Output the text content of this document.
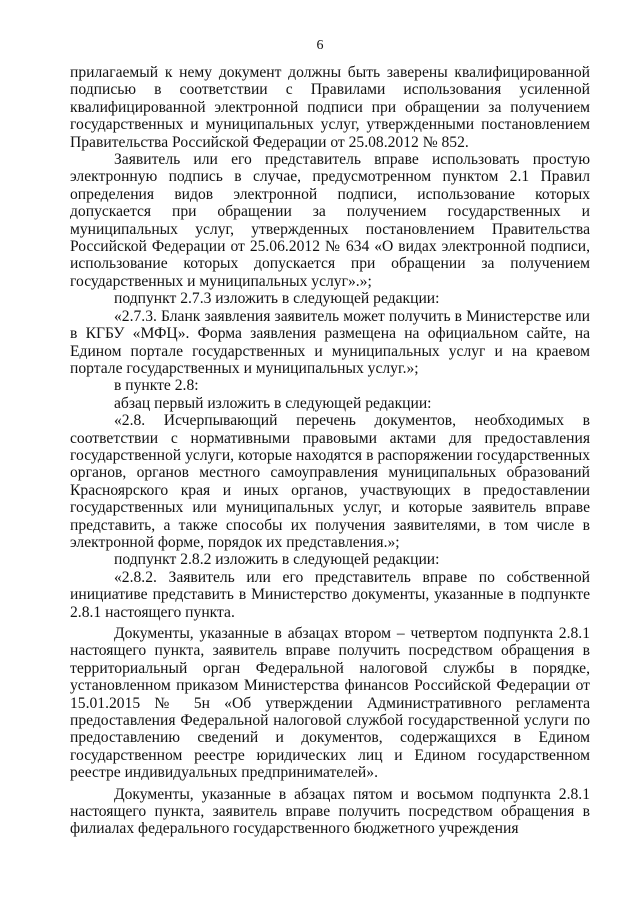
6

прилагаемый к нему документ должны быть заверены квалифицированной подписью в соответствии с Правилами использования усиленной квалифицированной электронной подписи при обращении за получением государственных и муниципальных услуг, утвержденными постановлением Правительства Российской Федерации от 25.08.2012 № 852.

Заявитель или его представитель вправе использовать простую электронную подпись в случае, предусмотренном пунктом 2.1 Правил определения видов электронной подписи, использование которых допускается при обращении за получением государственных и муниципальных услуг, утвержденных постановлением Правительства Российской Федерации от 25.06.2012 № 634 «О видах электронной подписи, использование которых допускается при обращении за получением государственных и муниципальных услуг».»;

подпункт 2.7.3 изложить в следующей редакции:

«2.7.3. Бланк заявления заявитель может получить в Министерстве или в КГБУ «МФЦ». Форма заявления размещена на официальном сайте, на Едином портале государственных и муниципальных услуг и на краевом портале государственных и муниципальных услуг.»;

в пункте 2.8:

абзац первый изложить в следующей редакции:

«2.8. Исчерпывающий перечень документов, необходимых в соответствии с нормативными правовыми актами для предоставления государственной услуги, которые находятся в распоряжении государственных органов, органов местного самоуправления муниципальных образований Красноярского края и иных органов, участвующих в предоставлении государственных или муниципальных услуг, и которые заявитель вправе представить, а также способы их получения заявителями, в том числе в электронной форме, порядок их представления.»;

подпункт 2.8.2 изложить в следующей редакции:

«2.8.2. Заявитель или его представитель вправе по собственной инициативе представить в Министерство документы, указанные в подпункте 2.8.1 настоящего пункта.

Документы, указанные в абзацах втором – четвертом подпункта 2.8.1 настоящего пункта, заявитель вправе получить посредством обращения в территориальный орган Федеральной налоговой службы в порядке, установленном приказом Министерства финансов Российской Федерации от 15.01.2015 № 5н «Об утверждении Административного регламента предоставления Федеральной налоговой службой государственной услуги по предоставлению сведений и документов, содержащихся в Едином государственном реестре юридических лиц и Едином государственном реестре индивидуальных предпринимателей».

Документы, указанные в абзацах пятом и восьмом подпункта 2.8.1 настоящего пункта, заявитель вправе получить посредством обращения в филиалах федерального государственного бюджетного учреждения
